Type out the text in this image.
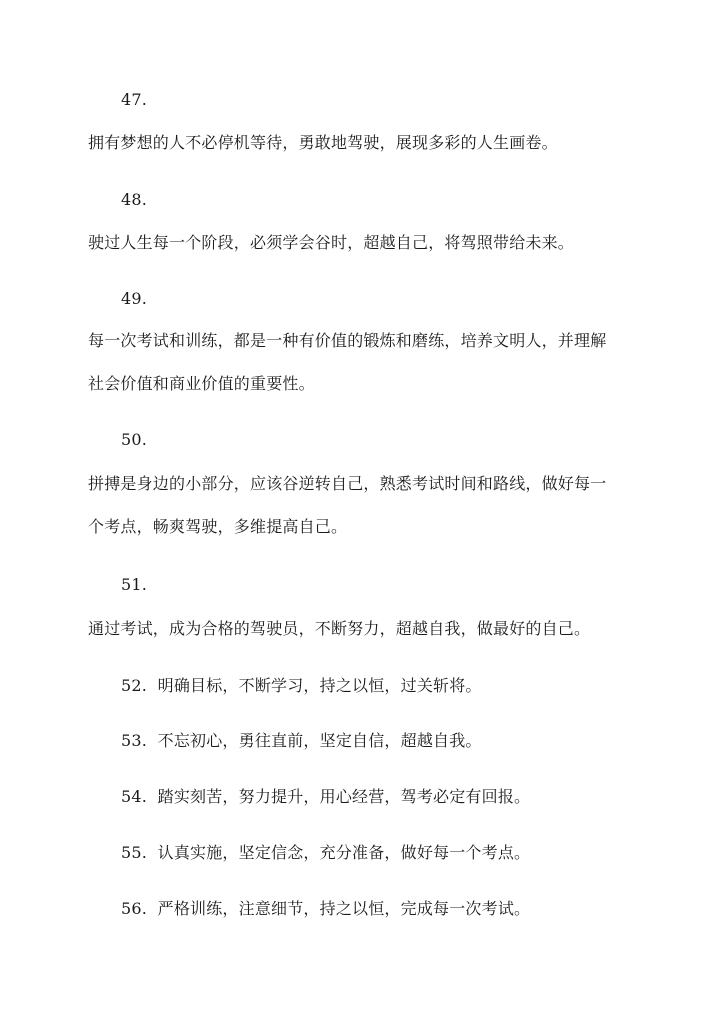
47.
拥有梦想的人不必停机等待，勇敢地驾驶，展现多彩的人生画卷。
48.
驶过人生每一个阶段，必须学会谷时，超越自己，将驾照带给未来。
49.
每一次考试和训练，都是一种有价值的锻炼和磨练，培养文明人，并理解
社会价值和商业价值的重要性。
50.
拼搏是身边的小部分，应该谷逆转自己，熟悉考试时间和路线，做好每一
个考点，畅爽驾驶，多维提高自己。
51.
通过考试，成为合格的驾驶员，不断努力，超越自我，做最好的自己。
52. 明确目标，不断学习，持之以恒，过关斩将。
53. 不忘初心，勇往直前，坚定自信，超越自我。
54. 踏实刻苦，努力提升，用心经营，驾考必定有回报。
55. 认真实施，坚定信念，充分准备，做好每一个考点。
56. 严格训练，注意细节，持之以恒，完成每一次考试。
